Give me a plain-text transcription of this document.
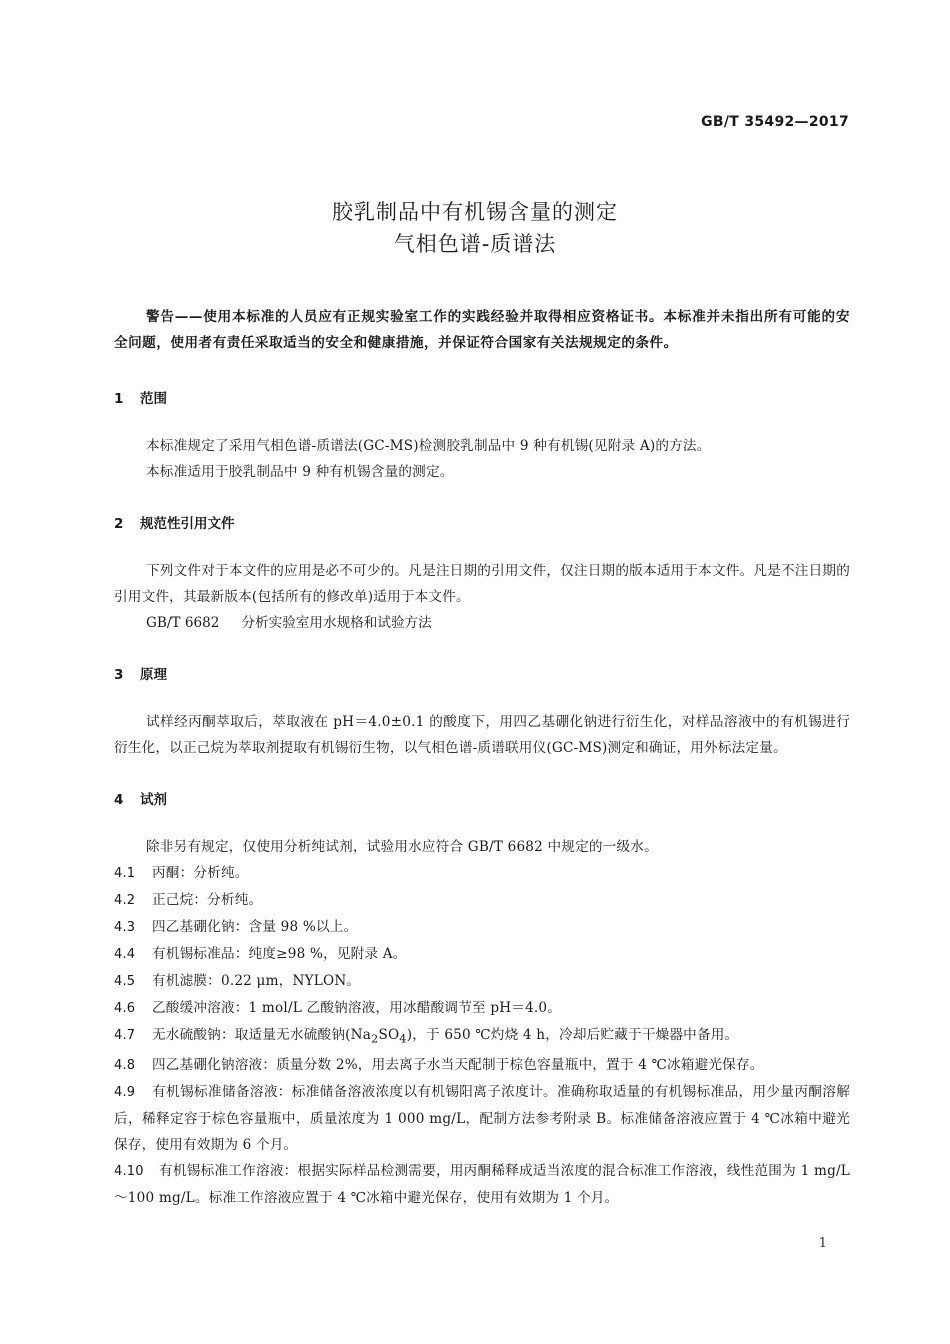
GB/T 35492—2017
胶乳制品中有机锡含量的测定
气相色谱-质谱法

警告——使用本标准的人员应有正规实验室工作的实践经验并取得相应资格证书。本标准并未指出所有可能的安全问题，使用者有责任采取适当的安全和健康措施，并保证符合国家有关法规规定的条件。

1 范围

本标准规定了采用气相色谱-质谱法(GC-MS)检测胶乳制品中 9 种有机锡(见附录 A)的方法。

本标准适用于胶乳制品中 9 种有机锡含量的测定。

2 规范性引用文件

下列文件对于本文件的应用是必不可少的。凡是注日期的引用文件，仅注日期的版本适用于本文件。凡是不注日期的引用文件，其最新版本(包括所有的修改单)适用于本文件。

GB/T 6682 分析实验室用水规格和试验方法

3 原理

试样经丙酮萃取后，萃取液在 pH＝4.0±0.1 的酸度下，用四乙基硼化钠进行衍生化，对样品溶液中的有机锡进行衍生化，以正己烷为萃取剂提取有机锡衍生物，以气相色谱-质谱联用仪(GC-MS)测定和确证，用外标法定量。

4 试剂

除非另有规定，仅使用分析纯试剂，试验用水应符合 GB/T 6682 中规定的一级水。

4.1 丙酮：分析纯。

4.2 正己烷：分析纯。

4.3 四乙基硼化钠：含量 98 %以上。

4.4 有机锡标准品：纯度≥98 %，见附录 A。

4.5 有机滤膜：0.22 μm，NYLON。

4.6 乙酸缓冲溶液：1 mol/L 乙酸钠溶液，用冰醋酸调节至 pH＝4.0。

4.7 无水硫酸钠：取适量无水硫酸钠$(Na_2SO_4)$，于 650 ℃灼烧 4 h，冷却后贮藏于干燥器中备用。

4.8 四乙基硼化钠溶液：质量分数 2%，用去离子水当天配制于棕色容量瓶中，置于 4 ℃冰箱避光保存。

4.9 有机锡标准储备溶液：标准储备溶液浓度以有机锡阳离子浓度计。准确称取适量的有机锡标准品，用少量丙酮溶解后，稀释定容于棕色容量瓶中，质量浓度为 1 000 mg/L，配制方法参考附录 B。标准储备溶液应置于 4 ℃冰箱中避光保存，使用有效期为 6 个月。

4.10 有机锡标准工作溶液：根据实际样品检测需要，用丙酮稀释成适当浓度的混合标准工作溶液，线性范围为 1 mg/L～100 mg/L。标准工作溶液应置于 4 ℃冰箱中避光保存，使用有效期为 1 个月。

1
